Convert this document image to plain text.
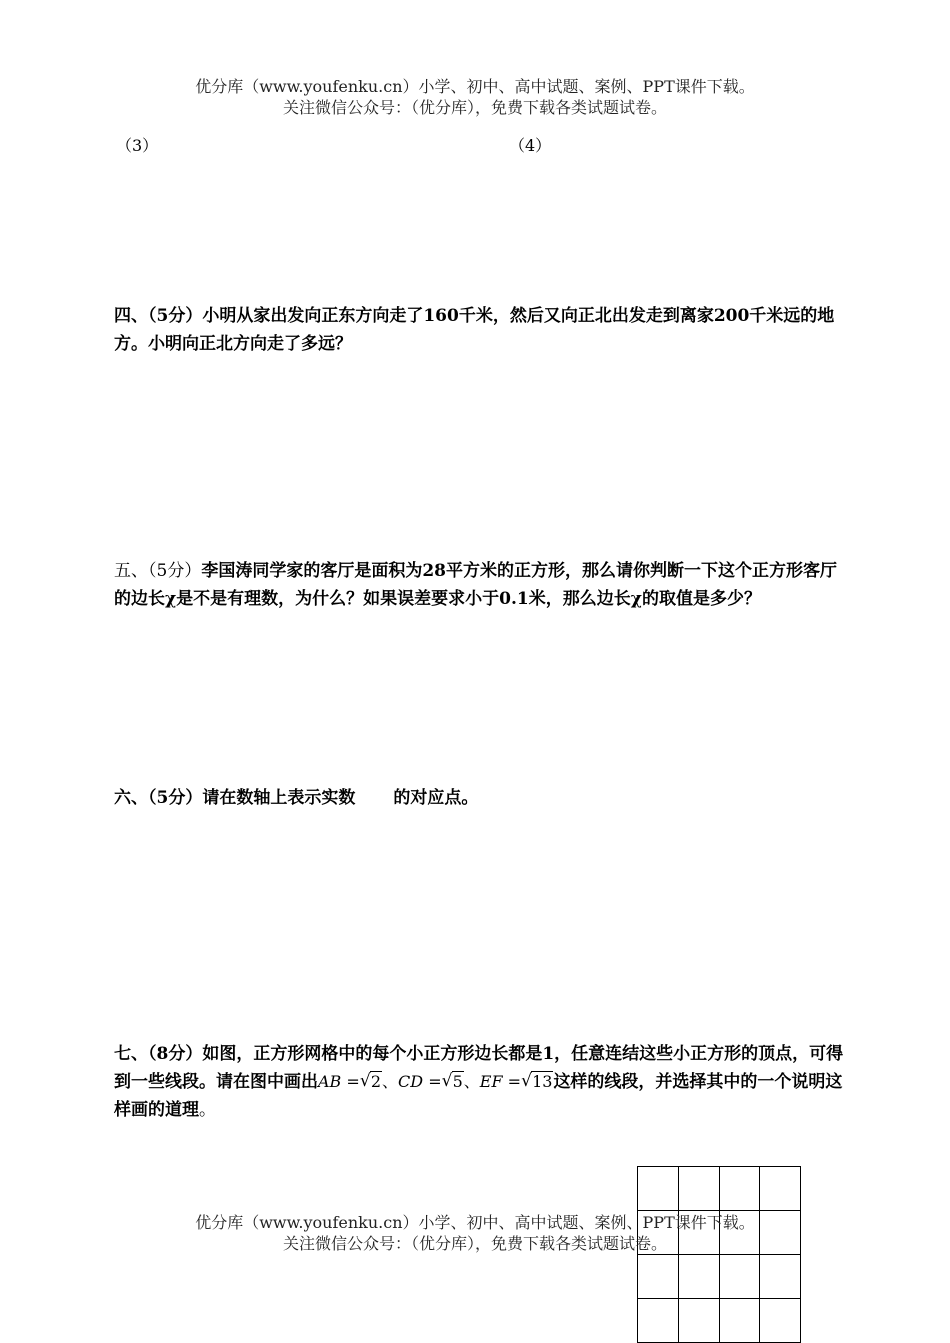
优分库（www.youfenku.cn）小学、初中、高中试题、案例、PPT课件下载。
关注微信公众号：（优分库），免费下载各类试题试卷。
（3）	（4）
四、（5分）小明从家出发向正东方向走了160千米，然后又向正北出发走到离家200千米远的地方。小明向正北方向走了多远？
五、（5分）李国涛同学家的客厅是面积为28平方米的正方形，那么请你判断一下这个正方形客厅的边长χ是不是有理数，为什么？如果误差要求小于0.1米，那么边长χ的取值是多少？
六、（5分）请在数轴上表示实数 的对应点。
七、（8分）如图，正方形网格中的每个小正方形边长都是1，任意连结这些小正方形的顶点，可得到一些线段。请在图中画出AB = √ 2、CD = √ 5、EF = √ 13这样的线段，并选择其中的一个说明这样画的道理。

优分库（www.youfenku.cn）小学、初中、高中试题、案例、PPT课件下载。
关注微信公众号：（优分库），免费下载各类试题试卷。
